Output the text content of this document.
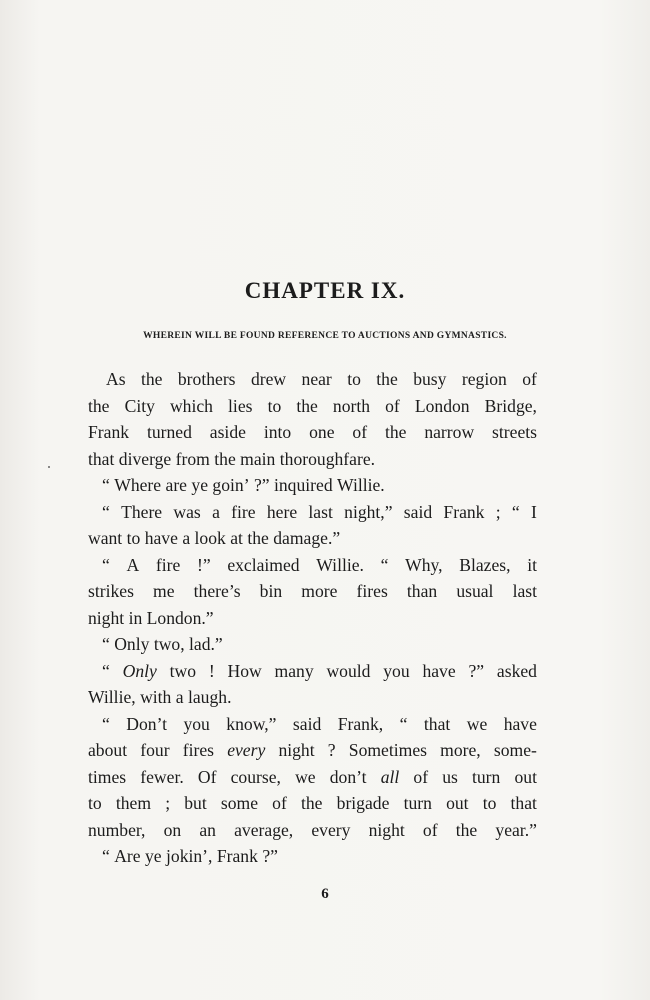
CHAPTER IX.
WHEREIN WILL BE FOUND REFERENCE TO AUCTIONS AND GYMNASTICS.
As the brothers drew near to the busy region of
the City which lies to the north of London Bridge,
Frank turned aside into one of the narrow streets
that diverge from the main thoroughfare.
“ Where are ye goin’ ?” inquired Willie.
“ There was a fire here last night,” said Frank ; “ I
want to have a look at the damage.”
“ A fire !” exclaimed Willie. “ Why, Blazes, it
strikes me there’s bin more fires than usual last
night in London.”
“ Only two, lad.”
“ Only two ! How many would you have ?” asked
Willie, with a laugh.
“ Don’t you know,” said Frank, “ that we have
about four fires every night ? Sometimes more, some-
times fewer. Of course, we don’t all of us turn out
to them ; but some of the brigade turn out to that
number, on an average, every night of the year.”
“ Are ye jokin’, Frank ?”
6
